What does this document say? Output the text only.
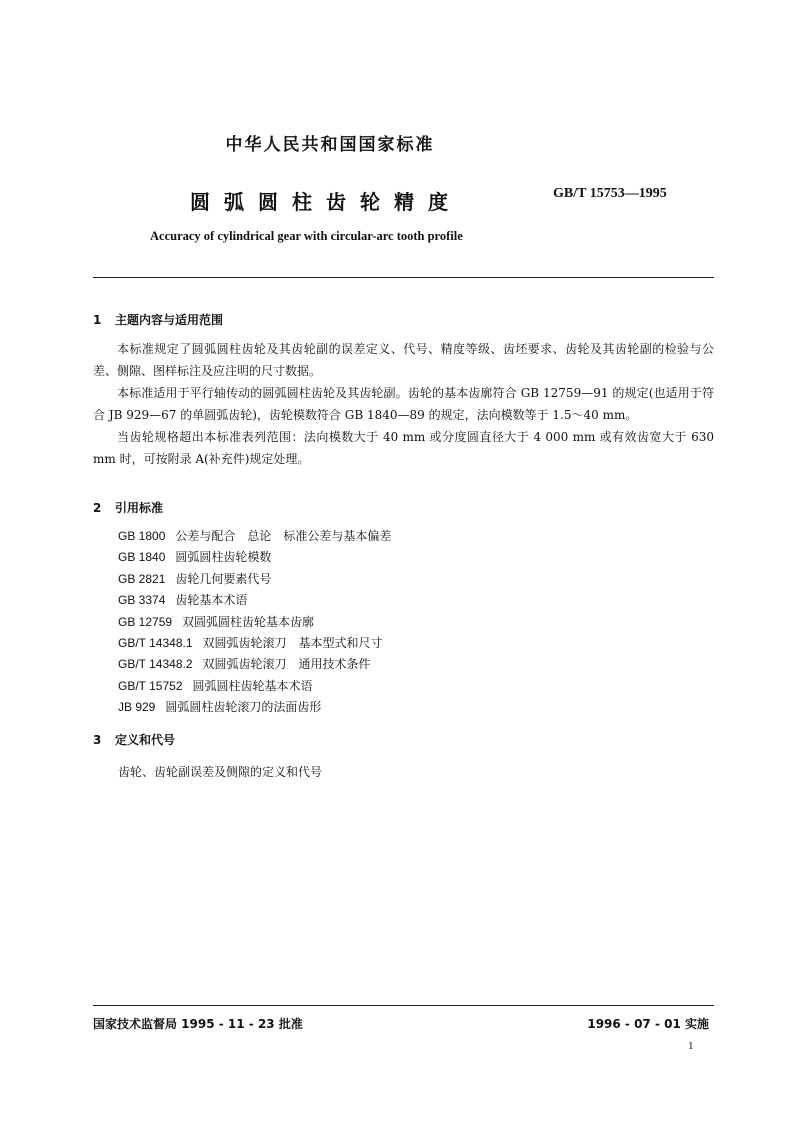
中华人民共和国国家标准
圆弧圆柱齿轮精度	GB/T 15753—1995
Accuracy of cylindrical gear with circular-arc tooth profile
1 主题内容与适用范围

本标准规定了圆弧圆柱齿轮及其齿轮副的误差定义、代号、精度等级、齿坯要求、齿轮及其齿轮副的检验与公差、侧隙、图样标注及应注明的尺寸数据。

本标准适用于平行轴传动的圆弧圆柱齿轮及其齿轮副。齿轮的基本齿廓符合 GB 12759—91 的规定(也适用于符合 JB 929—67 的单圆弧齿轮)，齿轮模数符合 GB 1840—89 的规定，法向模数等于 1.5～40 mm。

当齿轮规格超出本标准表列范围：法向模数大于 40 mm 或分度圆直径大于 4 000 mm 或有效齿宽大于 630 mm 时，可按附录 A(补充件)规定处理。

2 引用标准
GB 1800 公差与配合　总论　标准公差与基本偏差
GB 1840 圆弧圆柱齿轮模数
GB 2821 齿轮几何要素代号
GB 3374 齿轮基本术语
GB 12759 双圆弧圆柱齿轮基本齿廓
GB/T 14348.1 双圆弧齿轮滚刀　基本型式和尺寸
GB/T 14348.2 双圆弧齿轮滚刀　通用技术条件
GB/T 15752 圆弧圆柱齿轮基本术语
JB 929 圆弧圆柱齿轮滚刀的法面齿形
3 定义和代号
齿轮、齿轮副误差及侧隙的定义和代号
国家技术监督局 1995 - 11 - 23 批准	1996 - 07 - 01 实施
1
